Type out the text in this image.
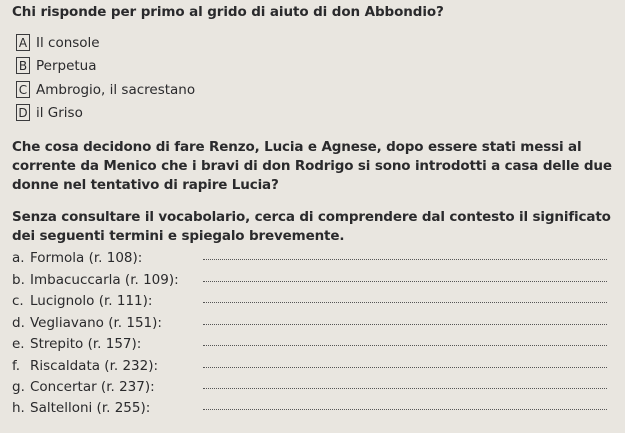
Chi risponde per primo al grido di aiuto di don Abbondio?
A Il console
B Perpetua
C Ambrogio, il sacrestano
D il Griso
Che cosa decidono di fare Renzo, Lucia e Agnese, dopo essere stati messi al corrente da Menico che i bravi di don Rodrigo si sono introdotti a casa delle due donne nel tentativo di rapire Lucia?
Senza consultare il vocabolario, cerca di comprendere dal contesto il significato dei seguenti termini e spiegalo brevemente.
a. Formola (r. 108):
b. Imbacuccarla (r. 109):
c. Lucignolo (r. 111):
d. Vegliavano (r. 151):
e. Strepito (r. 157):
f. Riscaldata (r. 232):
g. Concertar (r. 237):
h. Saltelloni (r. 255):
